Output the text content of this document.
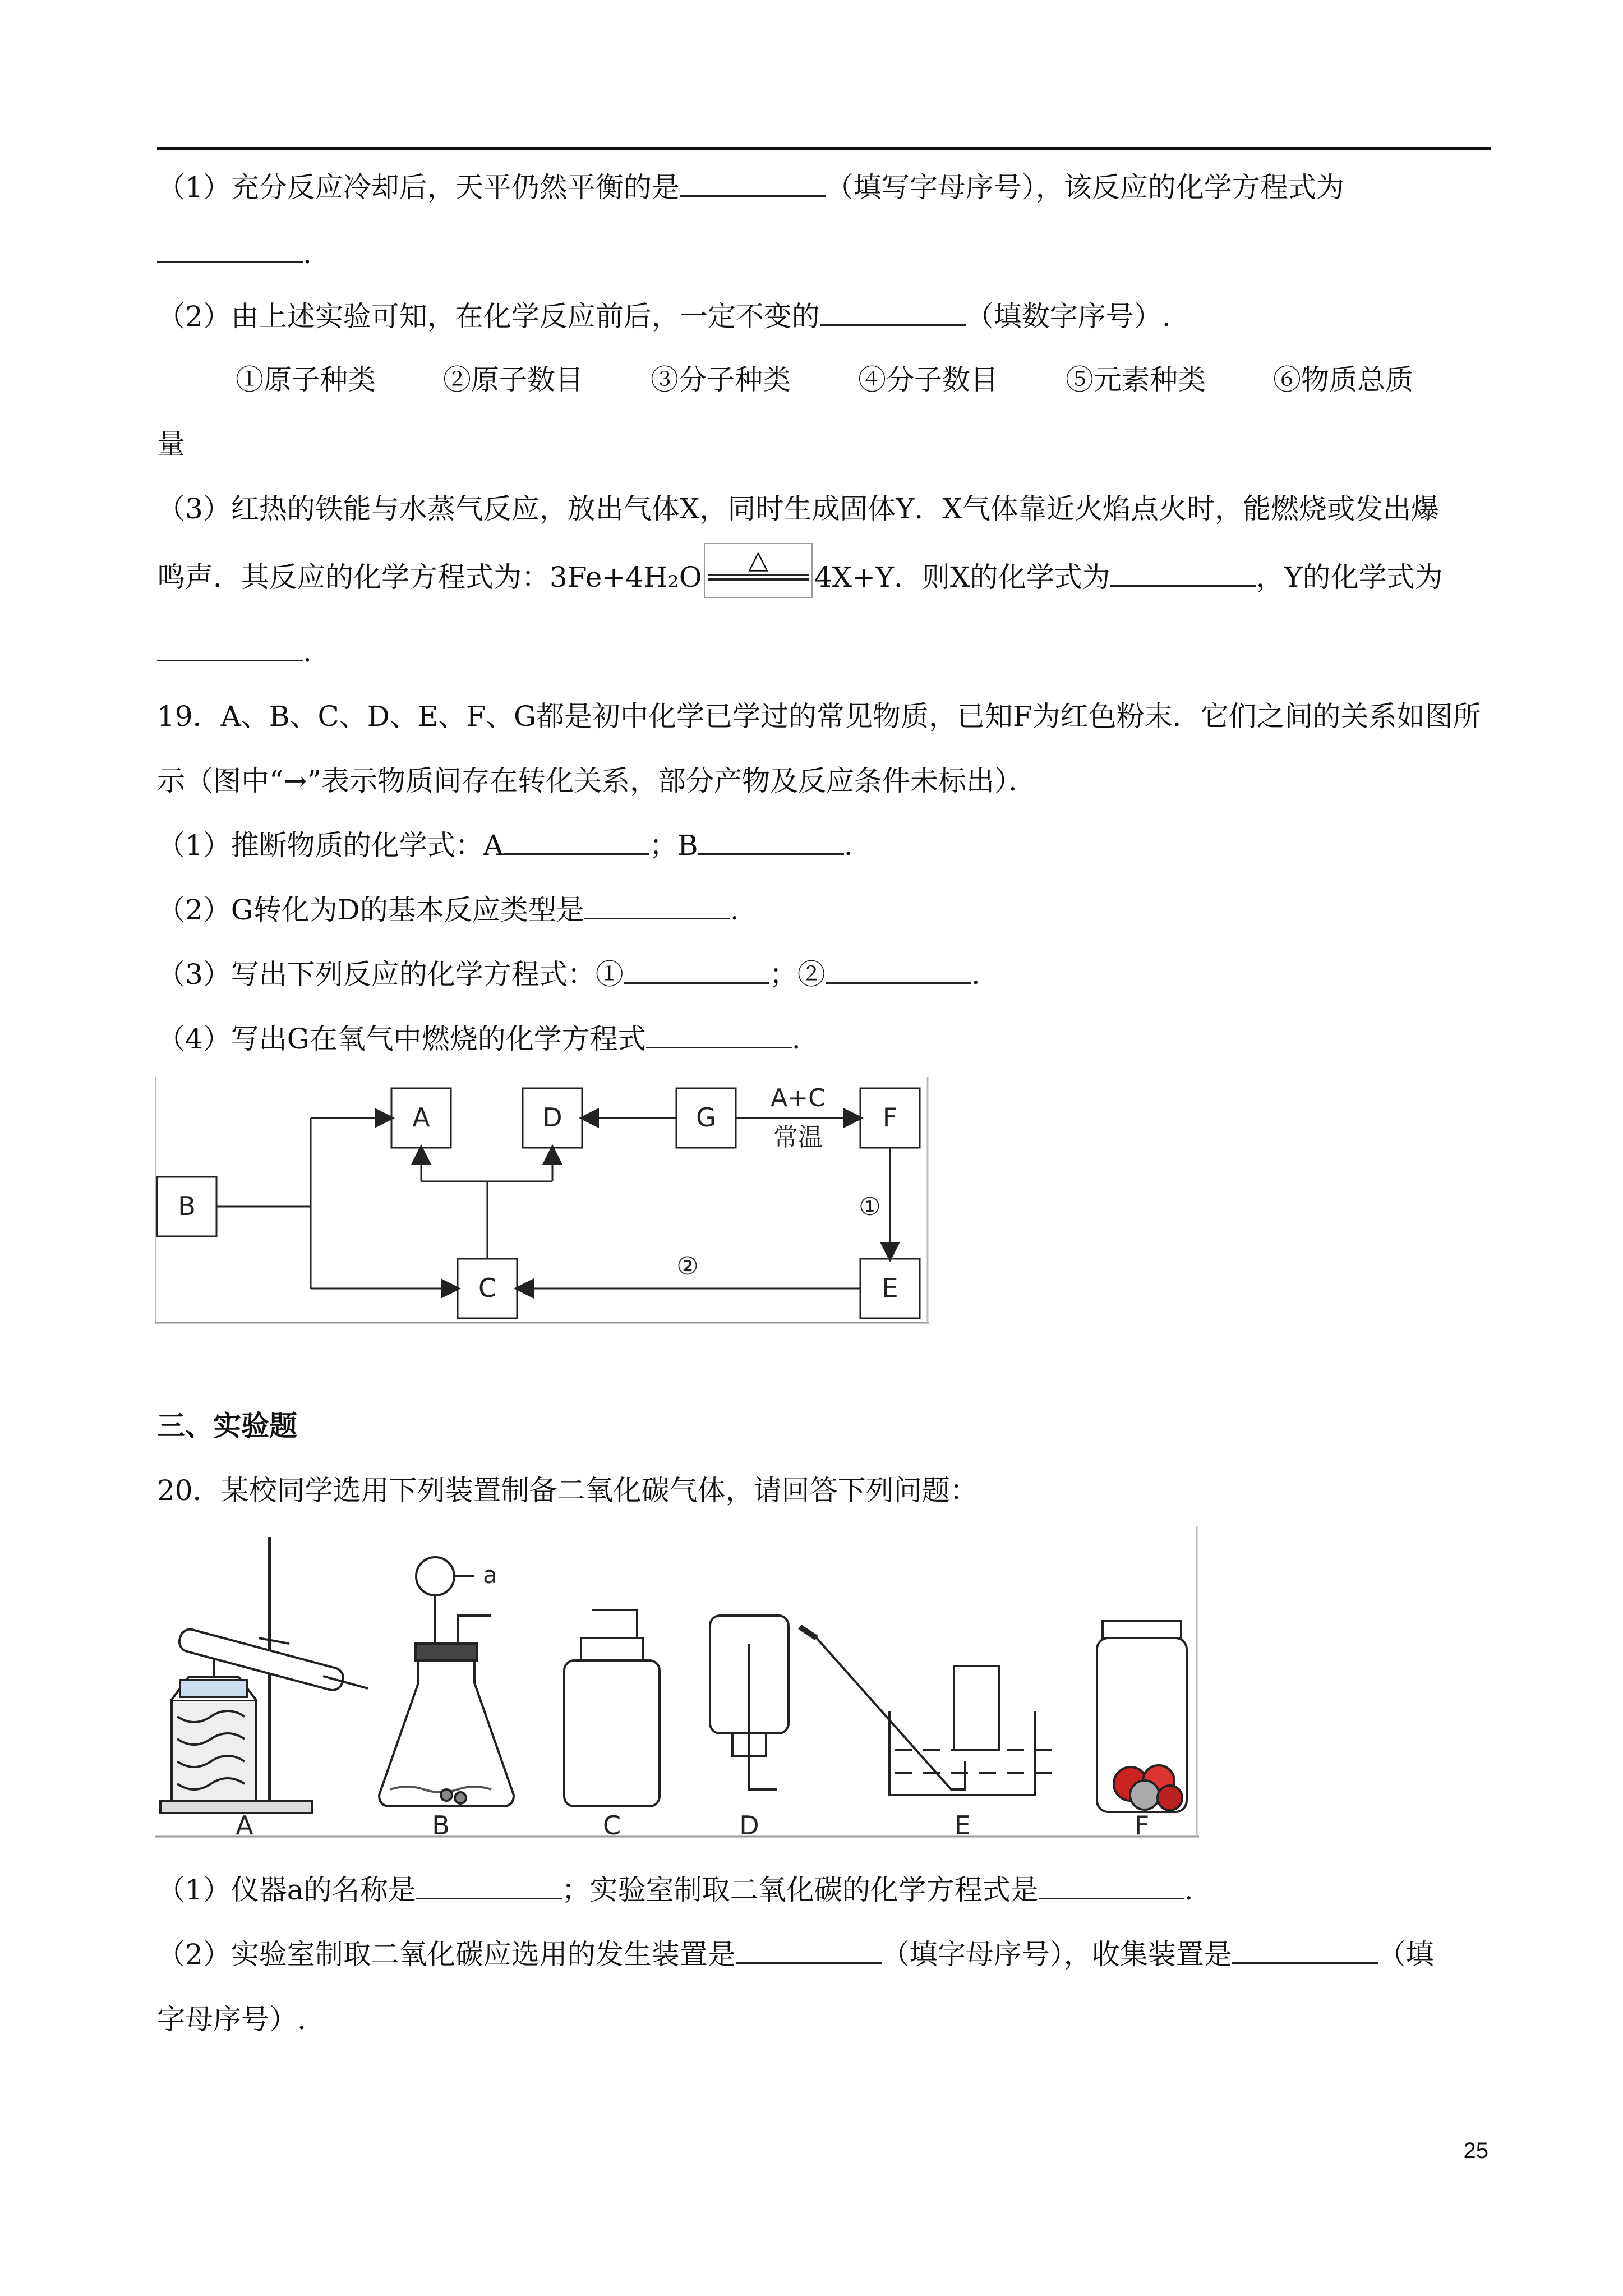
（1）充分反应冷却后，天平仍然平衡的是	（填写字母序号），该反应的化学方程式为
.
（2）由上述实验可知，在化学反应前后，一定不变的	（填数字序号）.
①原子种类 ②原子数目 ③分子种类 ④分子数目 ⑤元素种类 ⑥物质总质
量
（3）红热的铁能与水蒸气反应，放出气体X，同时生成固体Y．X气体靠近火焰点火时，能燃烧或发出爆
鸣声．其反应的化学方程式为：3Fe+4H₂O
△
4X+Y．则X的化学式为	，Y的化学式为
.
19．A、B、C、D、E、F、G都是初中化学已学过的常见物质，已知F为红色粉末．它们之间的关系如图所
示（图中“→”表示物质间存在转化关系，部分产物及反应条件未标出）．
（1）推断物质的化学式：A	；B	.
（2）G转化为D的基本反应类型是	.
（3）写出下列反应的化学方程式：①	；②	.
（4）写出G在氧气中燃烧的化学方程式	.
A	D	G	F
B
C	E
A+C
常温
①
②
三、实验题
20．某校同学选用下列装置制备二氧化碳气体，请回答下列问题：
a
A	B	C	D	E	F
（1）仪器a的名称是	；实验室制取二氧化碳的化学方程式是	.
（2）实验室制取二氧化碳应选用的发生装置是	（填字母序号），收集装置是	（填
字母序号）.
25
